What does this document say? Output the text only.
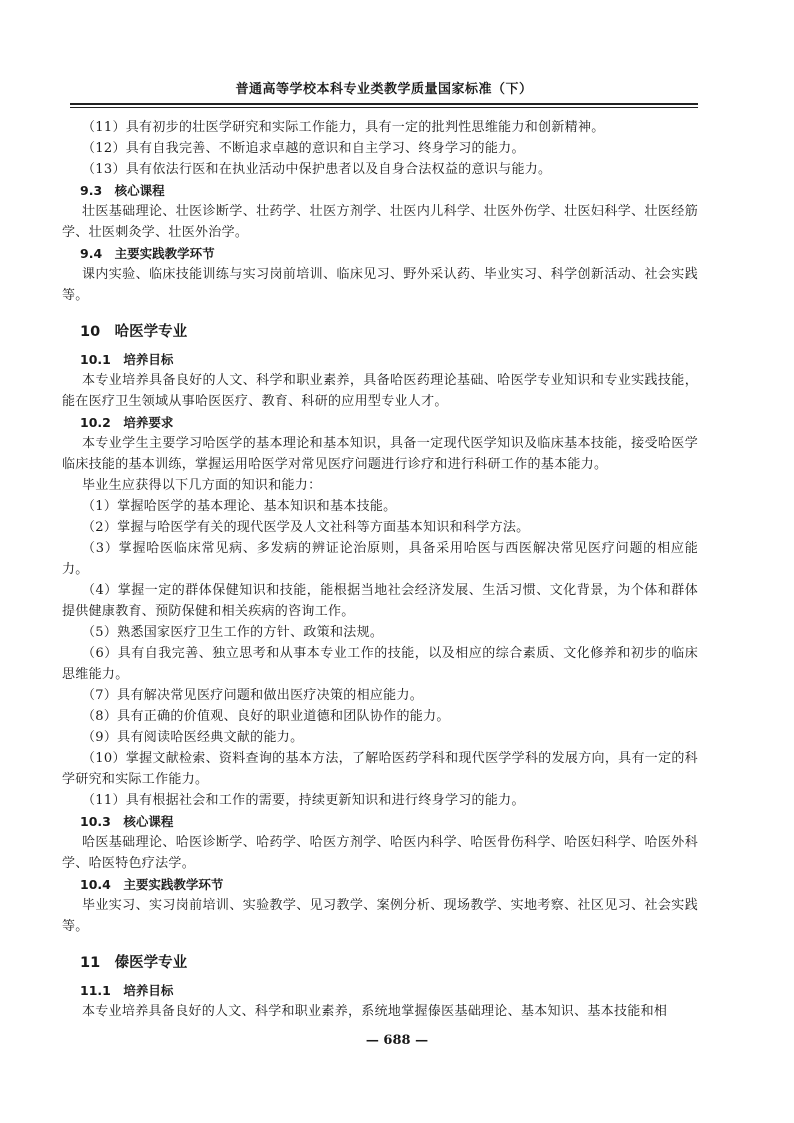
普通高等学校本科专业类教学质量国家标准（下）

（11）具有初步的壮医学研究和实际工作能力，具有一定的批判性思维能力和创新精神。

（12）具有自我完善、不断追求卓越的意识和自主学习、终身学习的能力。

（13）具有依法行医和在执业活动中保护患者以及自身合法权益的意识与能力。

9.3　核心课程

壮医基础理论、壮医诊断学、壮药学、壮医方剂学、壮医内儿科学、壮医外伤学、壮医妇科学、壮医经筋学、壮医刺灸学、壮医外治学。

9.4　主要实践教学环节

课内实验、临床技能训练与实习岗前培训、临床见习、野外采认药、毕业实习、科学创新活动、社会实践等。

10　哈医学专业

10.1　培养目标

本专业培养具备良好的人文、科学和职业素养，具备哈医药理论基础、哈医学专业知识和专业实践技能，能在医疗卫生领域从事哈医医疗、教育、科研的应用型专业人才。

10.2　培养要求

本专业学生主要学习哈医学的基本理论和基本知识，具备一定现代医学知识及临床基本技能，接受哈医学临床技能的基本训练，掌握运用哈医学对常见医疗问题进行诊疗和进行科研工作的基本能力。

毕业生应获得以下几方面的知识和能力：

（1）掌握哈医学的基本理论、基本知识和基本技能。

（2）掌握与哈医学有关的现代医学及人文社科等方面基本知识和科学方法。

（3）掌握哈医临床常见病、多发病的辨证论治原则，具备采用哈医与西医解决常见医疗问题的相应能力。

（4）掌握一定的群体保健知识和技能，能根据当地社会经济发展、生活习惯、文化背景，为个体和群体提供健康教育、预防保健和相关疾病的咨询工作。

（5）熟悉国家医疗卫生工作的方针、政策和法规。

（6）具有自我完善、独立思考和从事本专业工作的技能，以及相应的综合素质、文化修养和初步的临床思维能力。

（7）具有解决常见医疗问题和做出医疗决策的相应能力。

（8）具有正确的价值观、良好的职业道德和团队协作的能力。

（9）具有阅读哈医经典文献的能力。

（10）掌握文献检索、资料查询的基本方法，了解哈医药学科和现代医学学科的发展方向，具有一定的科学研究和实际工作能力。

（11）具有根据社会和工作的需要，持续更新知识和进行终身学习的能力。

10.3　核心课程

哈医基础理论、哈医诊断学、哈药学、哈医方剂学、哈医内科学、哈医骨伤科学、哈医妇科学、哈医外科学、哈医特色疗法学。

10.4　主要实践教学环节

毕业实习、实习岗前培训、实验教学、见习教学、案例分析、现场教学、实地考察、社区见习、社会实践等。

11　傣医学专业

11.1　培养目标

本专业培养具备良好的人文、科学和职业素养，系统地掌握傣医基础理论、基本知识、基本技能和相

— 688 —
